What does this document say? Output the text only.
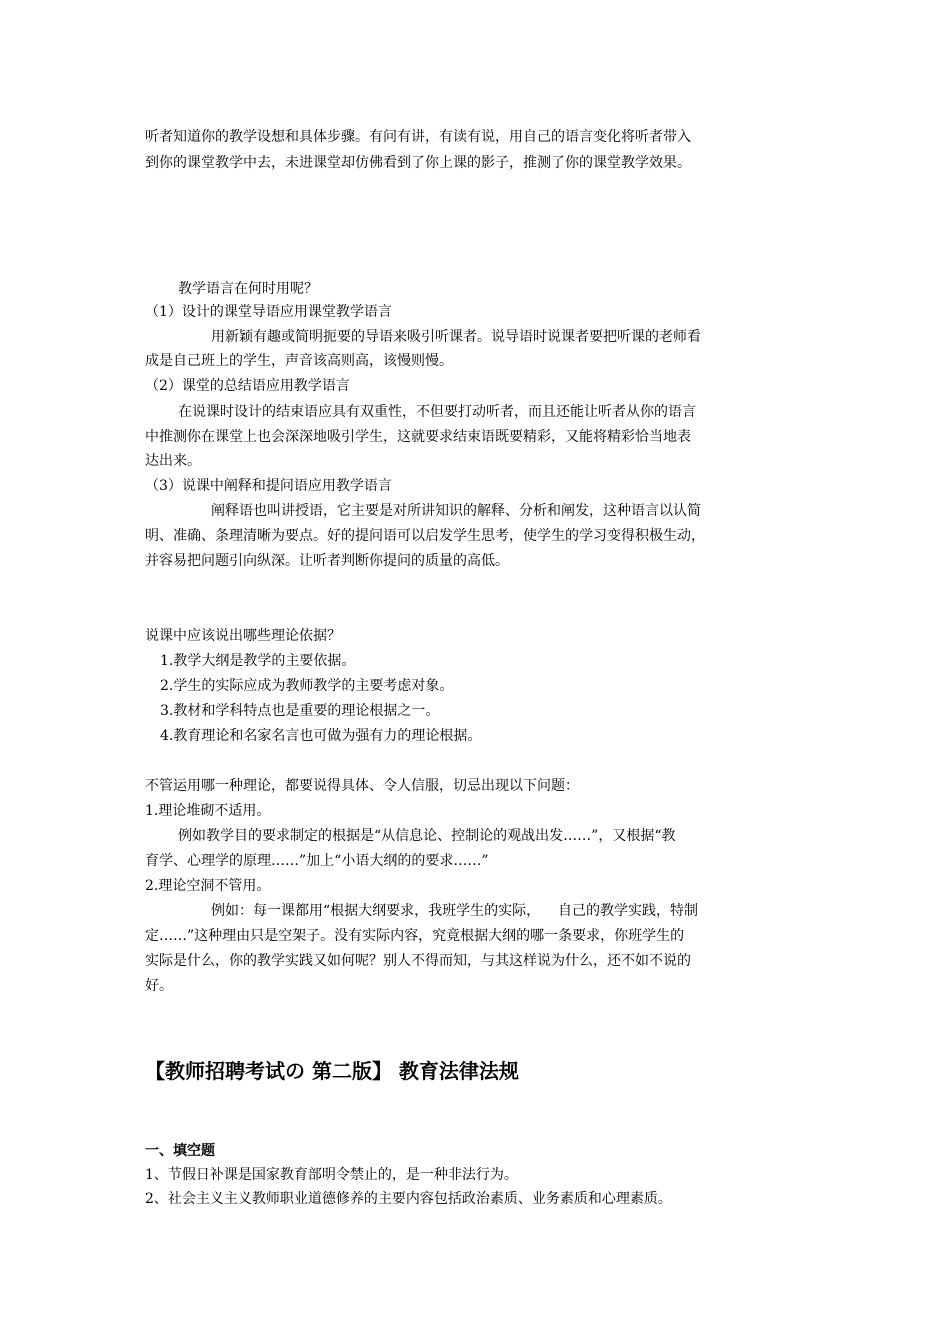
听者知道你的教学设想和具体步骤。有问有讲，有读有说，用自己的语言变化将听者带入
到你的课堂教学中去，未进课堂却仿佛看到了你上课的影子，推测了你的课堂教学效果。
教学语言在何时用呢？
（1）设计的课堂导语应用课堂教学语言
用新颖有趣或简明扼要的导语来吸引听课者。说导语时说课者要把听课的老师看
成是自己班上的学生，声音该高则高，该慢则慢。
（2）课堂的总结语应用教学语言
在说课时设计的结束语应具有双重性，不但要打动听者，而且还能让听者从你的语言
中推测你在课堂上也会深深地吸引学生，这就要求结束语既要精彩，又能将精彩恰当地表
达出来。
（3）说课中阐释和提问语应用教学语言
阐释语也叫讲授语，它主要是对所讲知识的解释、分析和阐发，这种语言以认简
明、准确、条理清晰为要点。好的提问语可以启发学生思考，使学生的学习变得积极生动，
并容易把问题引向纵深。让听者判断你提问的质量的高低。
说课中应该说出哪些理论依据？
1.教学大纲是教学的主要依据。
2.学生的实际应成为教师教学的主要考虑对象。
3.教材和学科特点也是重要的理论根据之一。
4.教育理论和名家名言也可做为强有力的理论根据。
不管运用哪一种理论，都要说得具体、令人信服，切忌出现以下问题：
1.理论堆砌不适用。
例如教学目的要求制定的根据是“从信息论、控制论的观战出发……”，又根据“教
育学、心理学的原理……”加上“小语大纲的的要求……”
2.理论空洞不管用。
例如：每一课都用“根据大纲要求，我班学生的实际，    自己的教学实践，特制
定……”这种理由只是空架子。没有实际内容，究竟根据大纲的哪一条要求，你班学生的
实际是什么，你的教学实践又如何呢？别人不得而知，与其这样说为什么，还不如不说的
好。
【教师招聘考试の 第二版】 教育法律法规
一、填空题
1、节假日补课是国家教育部明令禁止的，是一种非法行为。
2、社会主义主义教师职业道德修养的主要内容包括政治素质、业务素质和心理素质。
